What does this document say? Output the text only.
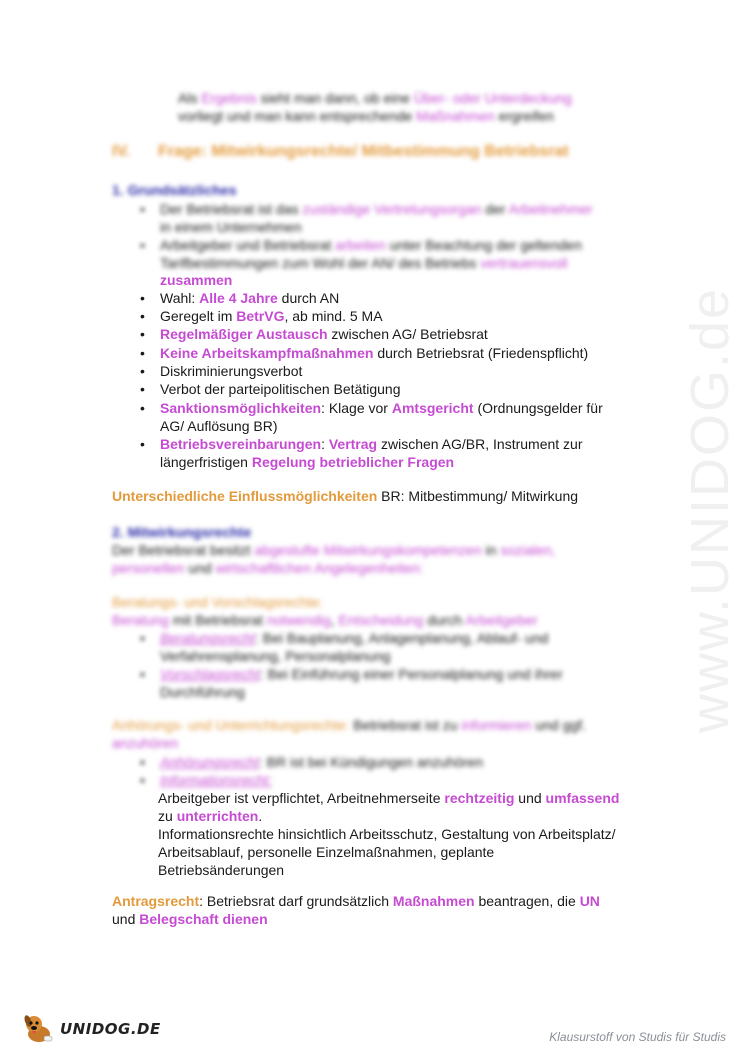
www.UNIDOG.de
Als Ergebnis sieht man dann, ob eine Über- oder Unterdeckung
vorliegt und man kann entsprechende Maßnahmen ergreifen
IV. Frage: Mitwirkungsrechte/ Mitbestimmung Betriebsrat
1. Grundsätzliches
•	Der Betriebsrat ist das zuständige Vertretungsorgan der Arbeitnehmer
in einem Unternehmen
•	Arbeitgeber und Betriebsrat arbeiten unter Beachtung der geltenden
Tarifbestimmungen zum Wohl der AN/ des Betriebs vertrauensvoll
zusammen
•	Wahl: Alle 4 Jahre durch AN
•	Geregelt im BetrVG, ab mind. 5 MA
•	Regelmäßiger Austausch zwischen AG/ Betriebsrat
•	Keine Arbeitskampfmaßnahmen durch Betriebsrat (Friedenspflicht)
•	Diskriminierungsverbot
•	Verbot der parteipolitischen Betätigung
•	Sanktionsmöglichkeiten: Klage vor Amtsgericht (Ordnungsgelder für
AG/ Auflösung BR)
•	Betriebsvereinbarungen: Vertrag zwischen AG/BR, Instrument zur
längerfristigen Regelung betrieblicher Fragen
Unterschiedliche Einflussmöglichkeiten BR: Mitbestimmung/ Mitwirkung
2. Mitwirkungsrechte
Der Betriebsrat besitzt abgestufte Mitwirkungskompetenzen in sozialen,
personellen und wirtschaftlichen Angelegenheiten:
Beratungs- und Vorschlagsrechte:
Beratung mit Betriebsrat notwendig, Entscheidung durch Arbeitgeber
•	Beratungsrecht: Bei Bauplanung, Anlagenplanung, Ablauf- und
Verfahrensplanung, Personalplanung
•	Vorschlagsrecht: Bei Einführung einer Personalplanung und ihrer
Durchführung
Anhörungs- und Unterrichtungsrechte: Betriebsrat ist zu informieren und ggf.
anzuhören
•	Anhörungsrecht: BR ist bei Kündigungen anzuhören
•	Informationsrecht:
Arbeitgeber ist verpflichtet, Arbeitnehmerseite rechtzeitig und umfassend
zu unterrichten.
Informationsrechte hinsichtlich Arbeitsschutz, Gestaltung von Arbeitsplatz/
Arbeitsablauf, personelle Einzelmaßnahmen, geplante
Betriebsänderungen
Antragsrecht: Betriebsrat darf grundsätzlich Maßnahmen beantragen, die UN
und Belegschaft dienen
UNIDOG.DE	Klausurstoff von Studis für Studis
